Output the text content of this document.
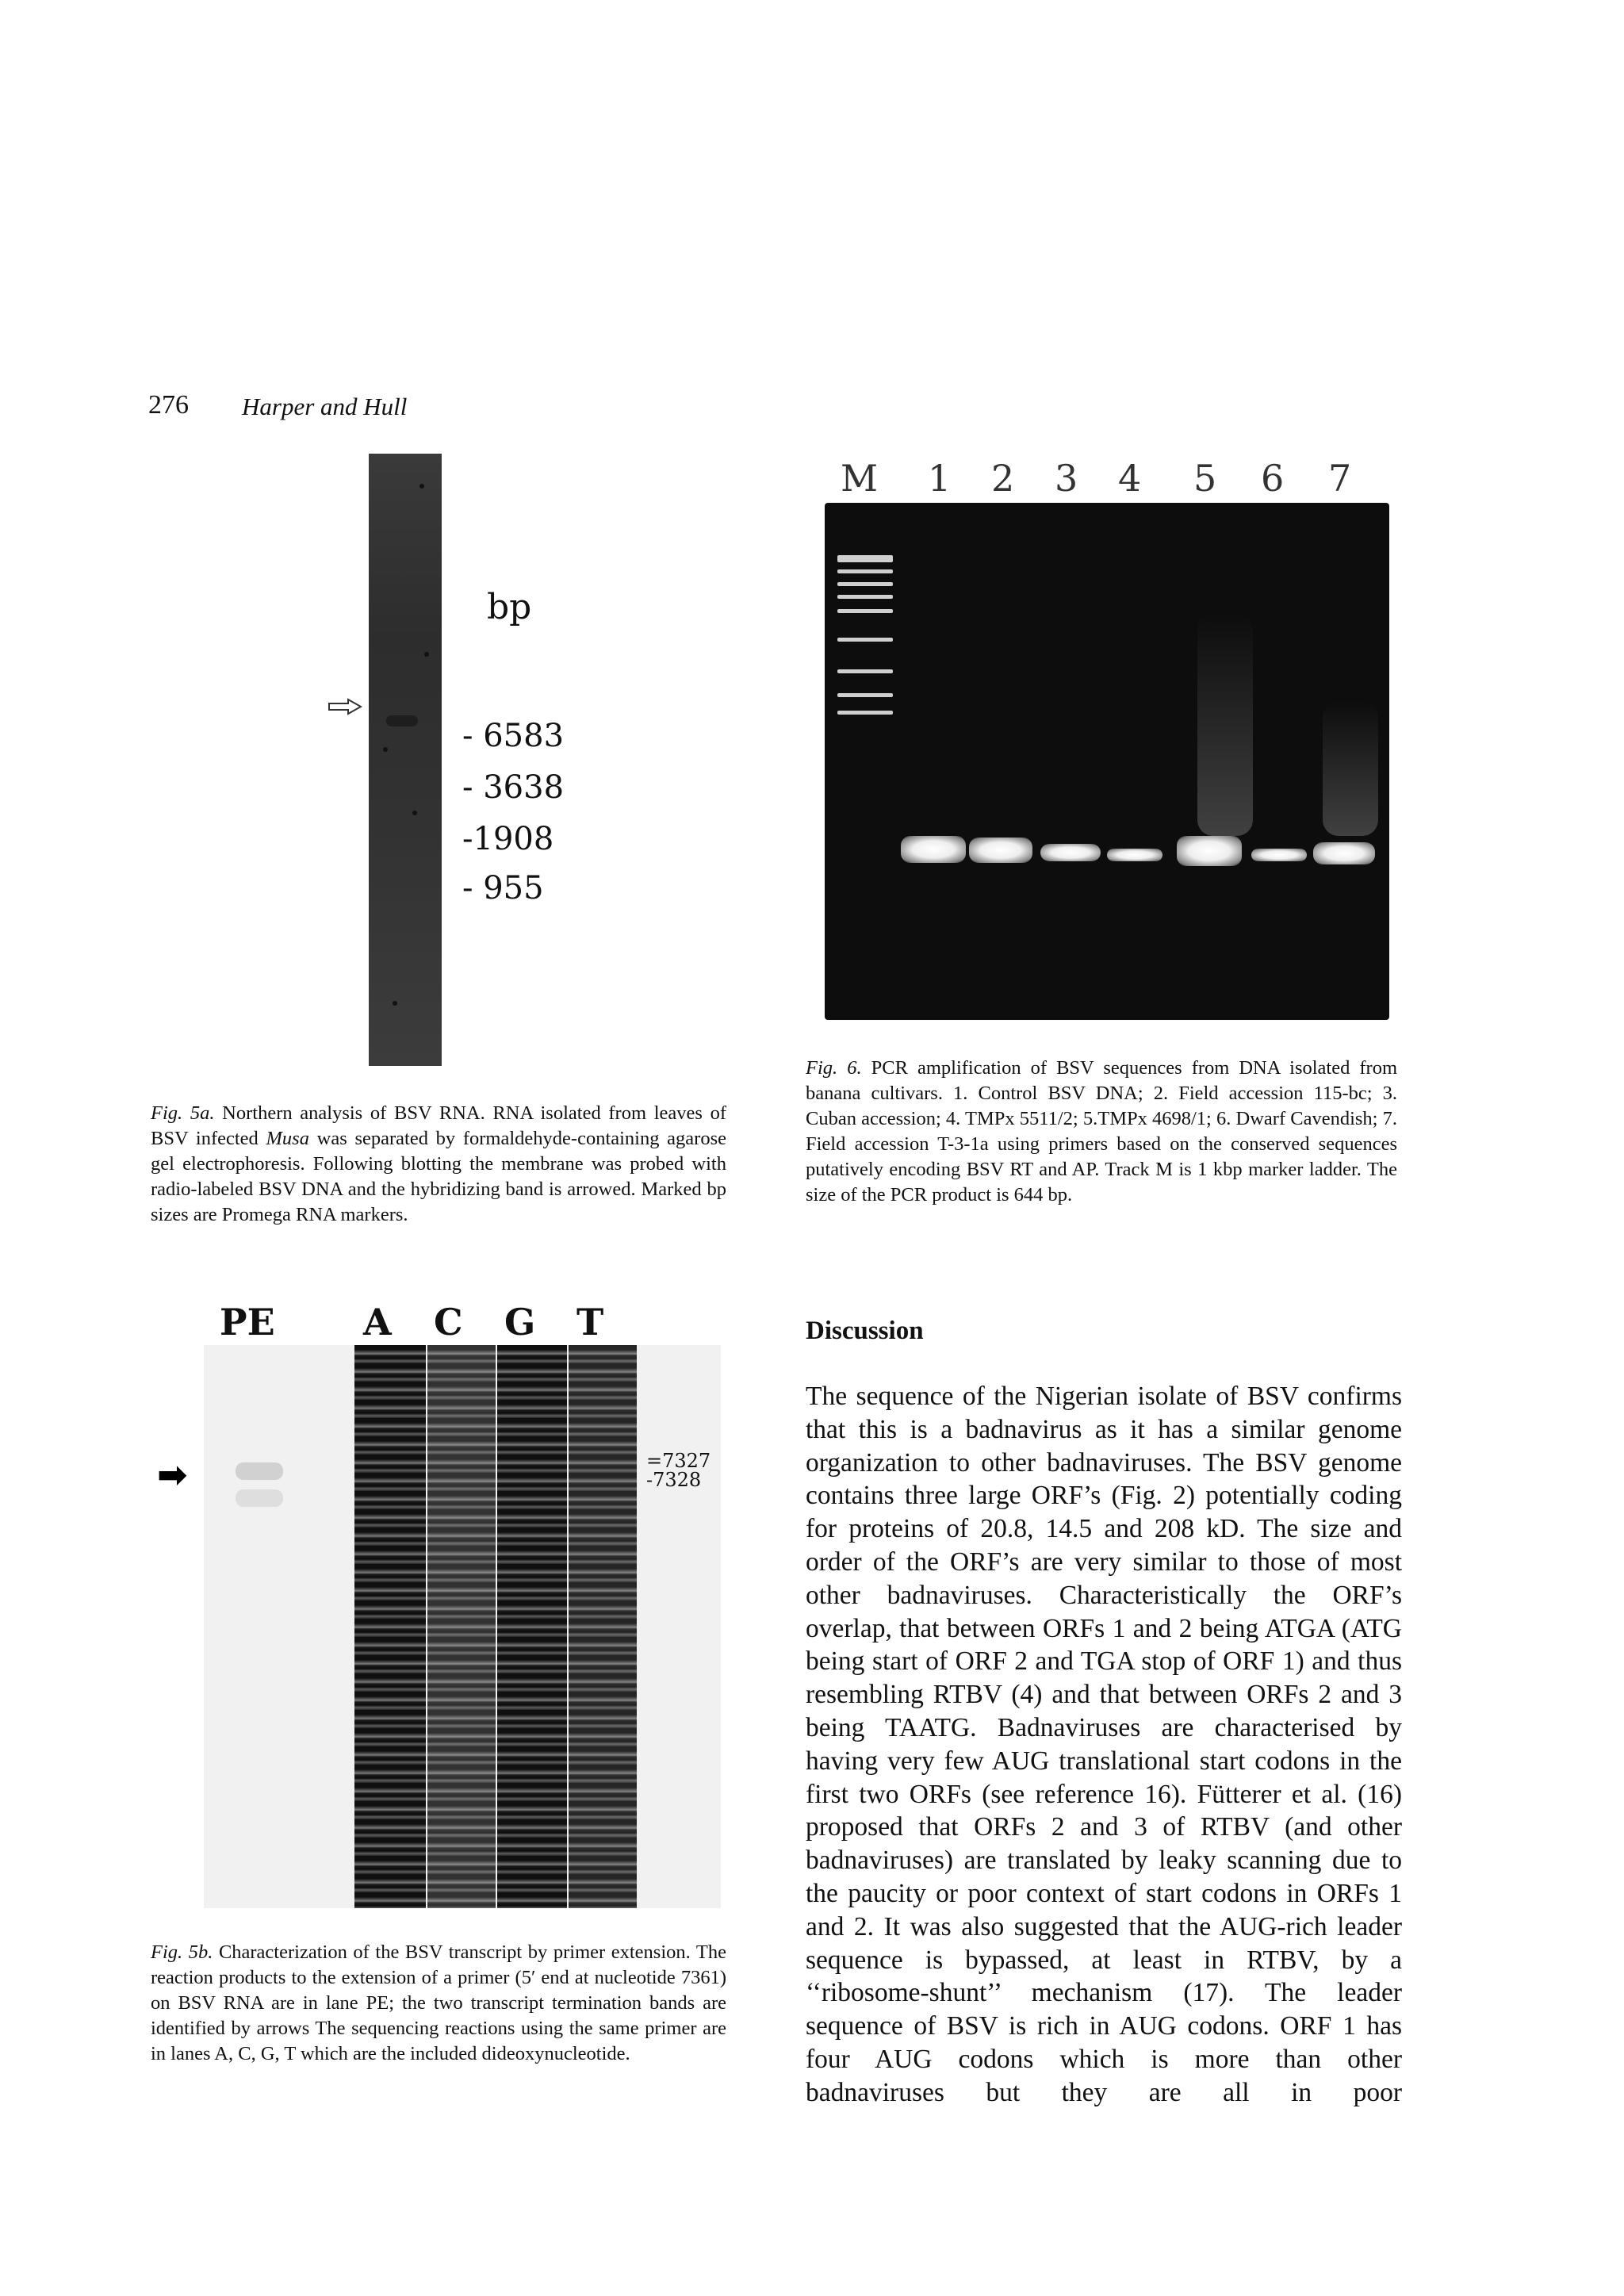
276 Harper and Hull
bp
- 6583
- 3638
-1908
- 955
M 1 2 3 4 5 6 7
Fig. 5a. Northern analysis of BSV RNA. RNA isolated from leaves of BSV infected Musa was separated by formaldehyde-containing agarose gel electrophoresis. Following blotting the membrane was probed with radio-labeled BSV DNA and the hybridizing band is arrowed. Marked bp sizes are Promega RNA markers.
Fig. 6. PCR amplification of BSV sequences from DNA isolated from banana cultivars. 1. Control BSV DNA; 2. Field accession 115-bc; 3. Cuban accession; 4. TMPx 5511/2; 5.TMPx 4698/1; 6. Dwarf Cavendish; 7. Field accession T-3-1a using primers based on the conserved sequences putatively encoding BSV RT and AP. Track M is 1 kbp marker ladder. The size of the PCR product is 644 bp.
PE A C G T
➡	=7327
-7328
Fig. 5b. Characterization of the BSV transcript by primer extension. The reaction products to the extension of a primer (5′ end at nucleotide 7361) on BSV RNA are in lane PE; the two transcript termination bands are identified by arrows The sequencing reactions using the same primer are in lanes A, C, G, T which are the included dideoxynucleotide.
Discussion
The sequence of the Nigerian isolate of BSV confirms that this is a badnavirus as it has a similar genome organization to other badnaviruses. The BSV genome contains three large ORF’s (Fig. 2) potentially coding for proteins of 20.8, 14.5 and 208 kD. The size and order of the ORF’s are very similar to those of most other badnaviruses. Characteristically the ORF’s overlap, that between ORFs 1 and 2 being ATGA (ATG being start of ORF 2 and TGA stop of ORF 1) and thus resembling RTBV (4) and that between ORFs 2 and 3 being TAATG. Badnaviruses are characterised by having very few AUG translational start codons in the first two ORFs (see reference 16). Fütterer et al. (16) proposed that ORFs 2 and 3 of RTBV (and other badnaviruses) are translated by leaky scanning due to the paucity or poor context of start codons in ORFs 1 and 2. It was also suggested that the AUG-rich leader sequence is bypassed, at least in RTBV, by a ‘‘ribosome-shunt’’ mechanism (17). The leader sequence of BSV is rich in AUG codons. ORF 1 has four AUG codons which is more than other badnaviruses but they are all in poor
